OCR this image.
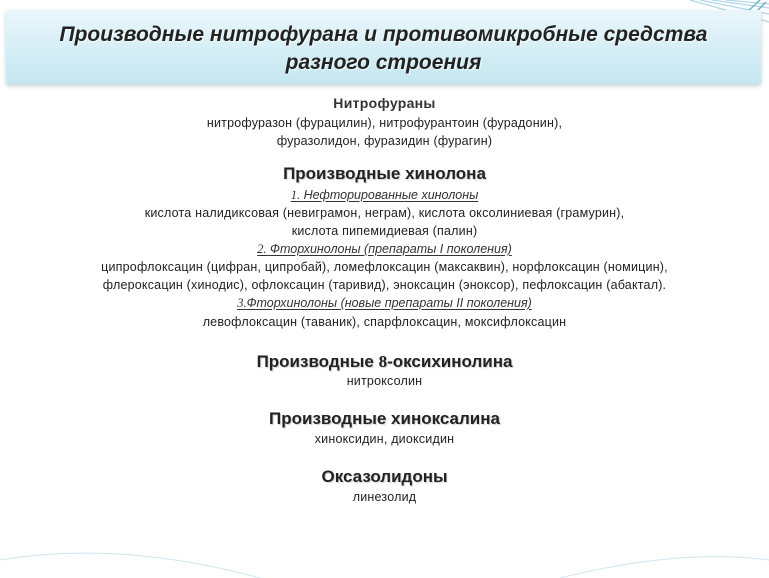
Производные нитрофурана и противомикробные средства
разного строения
Нитрофураны
нитрофуразон (фурацилин), нитрофурантоин (фурадонин),
фуразолидон, фуразидин (фурагин)
Производные хинолона
1. Нефторированные хинолоны
кислота налидиксовая (невиграмон, неграм), кислота оксолиниевая (грамурин),
кислота пипемидиевая (палин)
2. Фторхинолоны (препараты I поколения)
ципрофлоксацин (цифран, ципробай), ломефлоксацин (максаквин), норфлоксацин (номицин),
флероксацин (хинодис), офлоксацин (таривид), эноксацин (эноксор), пефлоксацин (абактал).
3.Фторхинолоны (новые препараты II поколения)
левофлоксацин (таваник), спарфлоксацин, моксифлоксацин
Производные 8-оксихинолина
нитроксолин
Производные хиноксалина
хиноксидин, диоксидин
Оксазолидоны
линезолид
